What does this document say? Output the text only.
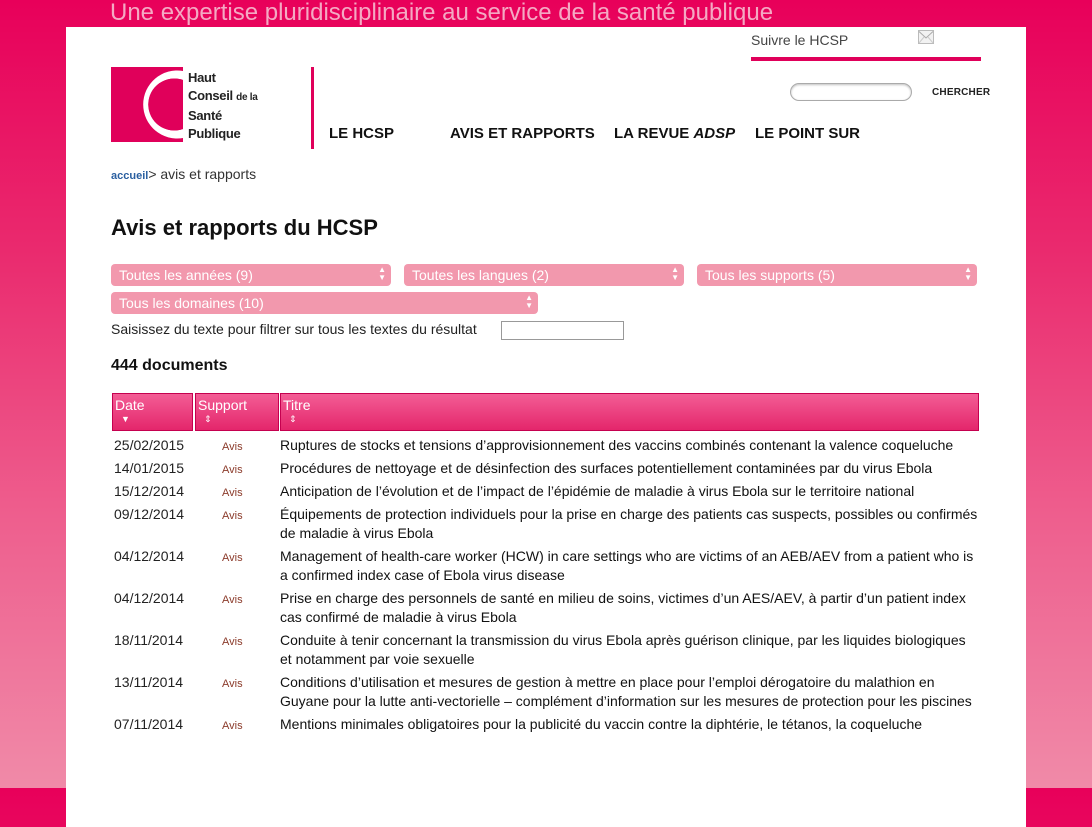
Une expertise pluridisciplinaire au service de la santé publique

Suivre le HCSP
CHERCHER
Haut
Conseil de la
Santé
Publique	LE HCSP	AVIS ET RAPPORTS LA REVUE ADSP LE POINT SUR
accueil> avis et rapports
Avis et rapports du HCSP
Toutes les années (9)	▲
▼	Toutes les langues (2)	▲
▼	Tous les supports (5)	▲
▼
Tous les domaines (10)	▲
▼
Saisissez du texte pour filtrer sur tous les textes du résultat
444 documents
Date
▼
Support
⇕
Titre
⇕
25/02/2015	Avis	Ruptures de stocks et tensions d’approvisionnement des vaccins combinés contenant la valence coqueluche
14/01/2015	Avis	Procédures de nettoyage et de désinfection des surfaces potentiellement contaminées par du virus Ebola
15/12/2014	Avis	Anticipation de l’évolution et de l’impact de l’épidémie de maladie à virus Ebola sur le territoire national
09/12/2014	Avis	Équipements de protection individuels pour la prise en charge des patients cas suspects, possibles ou confirmés de maladie à virus Ebola
04/12/2014	Avis	Management of health-care worker (HCW) in care settings who are victims of an AEB/AEV from a patient who is a confirmed index case of Ebola virus disease
04/12/2014	Avis	Prise en charge des personnels de santé en milieu de soins, victimes d’un AES/AEV, à partir d’un patient index cas confirmé de maladie à virus Ebola
18/11/2014	Avis	Conduite à tenir concernant la transmission du virus Ebola après guérison clinique, par les liquides biologiques et notamment par voie sexuelle
13/11/2014	Avis	Conditions d’utilisation et mesures de gestion à mettre en place pour l’emploi dérogatoire du malathion en Guyane pour la lutte anti-vectorielle – complément d’information sur les mesures de protection pour les piscines
07/11/2014	Avis	Mentions minimales obligatoires pour la publicité du vaccin contre la diphtérie, le tétanos, la coqueluche
